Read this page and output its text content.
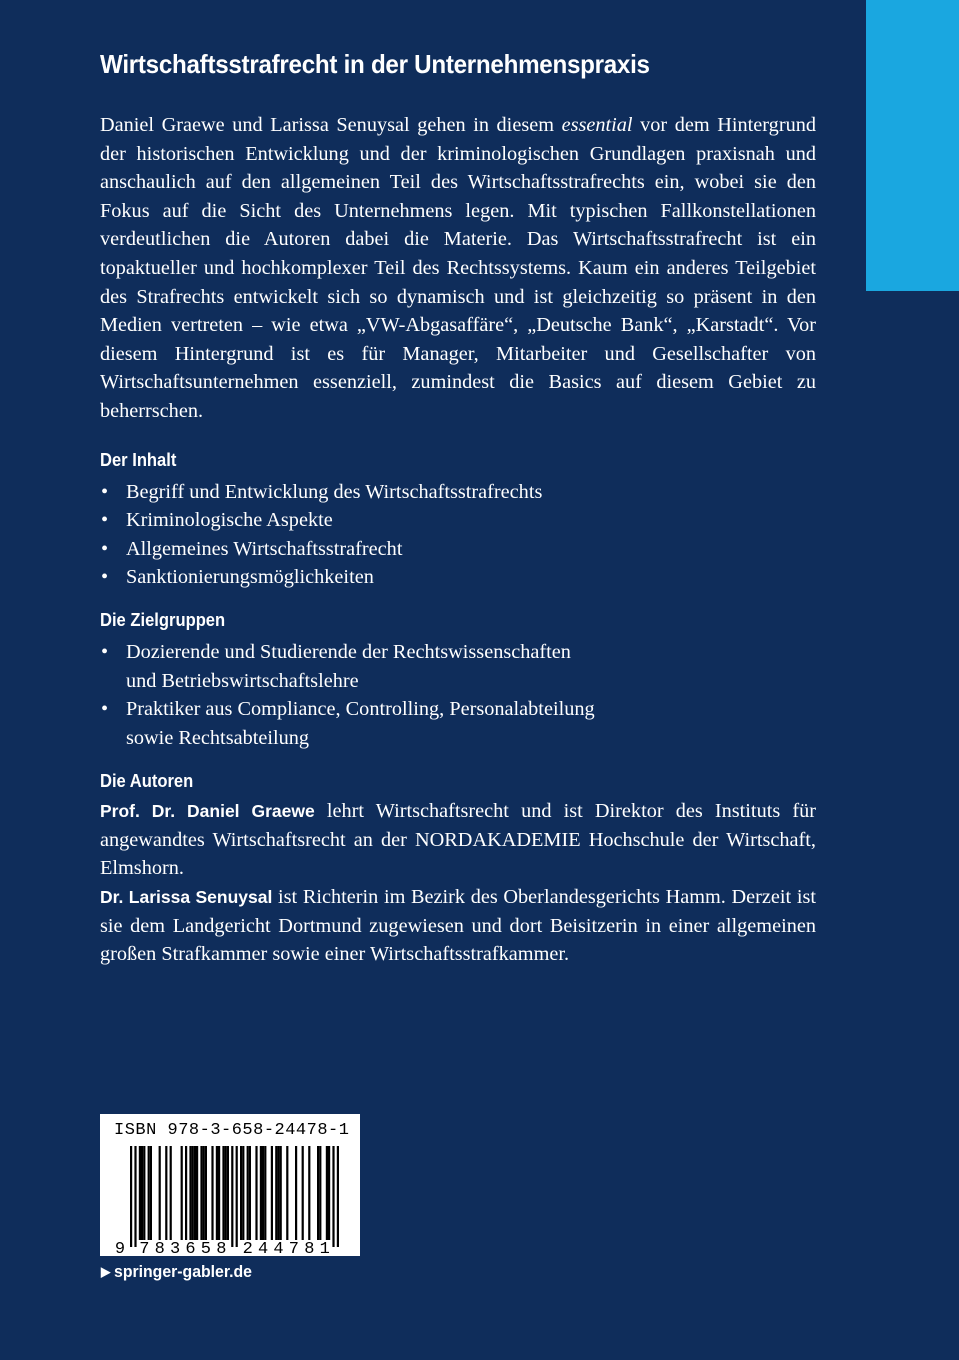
Wirtschaftsstrafrecht in der Unternehmenspraxis

Daniel Graewe und Larissa Senuysal gehen in diesem essential vor dem Hintergrund der historischen Entwicklung und der kriminologischen Grundlagen praxisnah und anschaulich auf den allgemeinen Teil des Wirtschaftsstrafrechts ein, wobei sie den Fokus auf die Sicht des Unternehmens legen. Mit typischen Fallkonstellationen verdeutlichen die Autoren dabei die Materie. Das Wirtschaftsstrafrecht ist ein topaktueller und hochkomplexer Teil des Rechtssystems. Kaum ein anderes Teilgebiet des Strafrechts entwickelt sich so dynamisch und ist gleichzeitig so präsent in den Medien vertreten – wie etwa „VW-Abgasaffäre“, „Deutsche Bank“, „Karstadt“. Vor diesem Hintergrund ist es für Manager, Mitarbeiter und Gesellschafter von Wirtschaftsunternehmen essenziell, zumindest die Basics auf diesem Gebiet zu beherrschen.

Der Inhalt
• Begriff und Entwicklung des Wirtschaftsstrafrechts
• Kriminologische Aspekte
• Allgemeines Wirtschaftsstrafrecht
• Sanktionierungsmöglichkeiten
Die Zielgruppen
• Dozierende und Studierende der Rechtswissenschaften
und Betriebswirtschaftslehre
• Praktiker aus Compliance, Controlling, Personalabteilung
sowie Rechtsabteilung
Die Autoren

Prof. Dr. Daniel Graewe lehrt Wirtschaftsrecht und ist Direktor des Instituts für angewandtes Wirtschaftsrecht an der NORDAKADEMIE Hochschule der Wirtschaft, Elmshorn.

Dr. Larissa Senuysal ist Richterin im Bezirk des Oberlandesgerichts Hamm. Derzeit ist sie dem Landgericht Dortmund zugewiesen und dort Beisitzerin in einer allgemeinen großen Strafkammer sowie einer Wirtschaftsstrafkammer.

ISBN 978-3-658-24478-1
9 7 8 3 6 5 8 2 4 4 7 8 1
▶ springer-gabler.de
